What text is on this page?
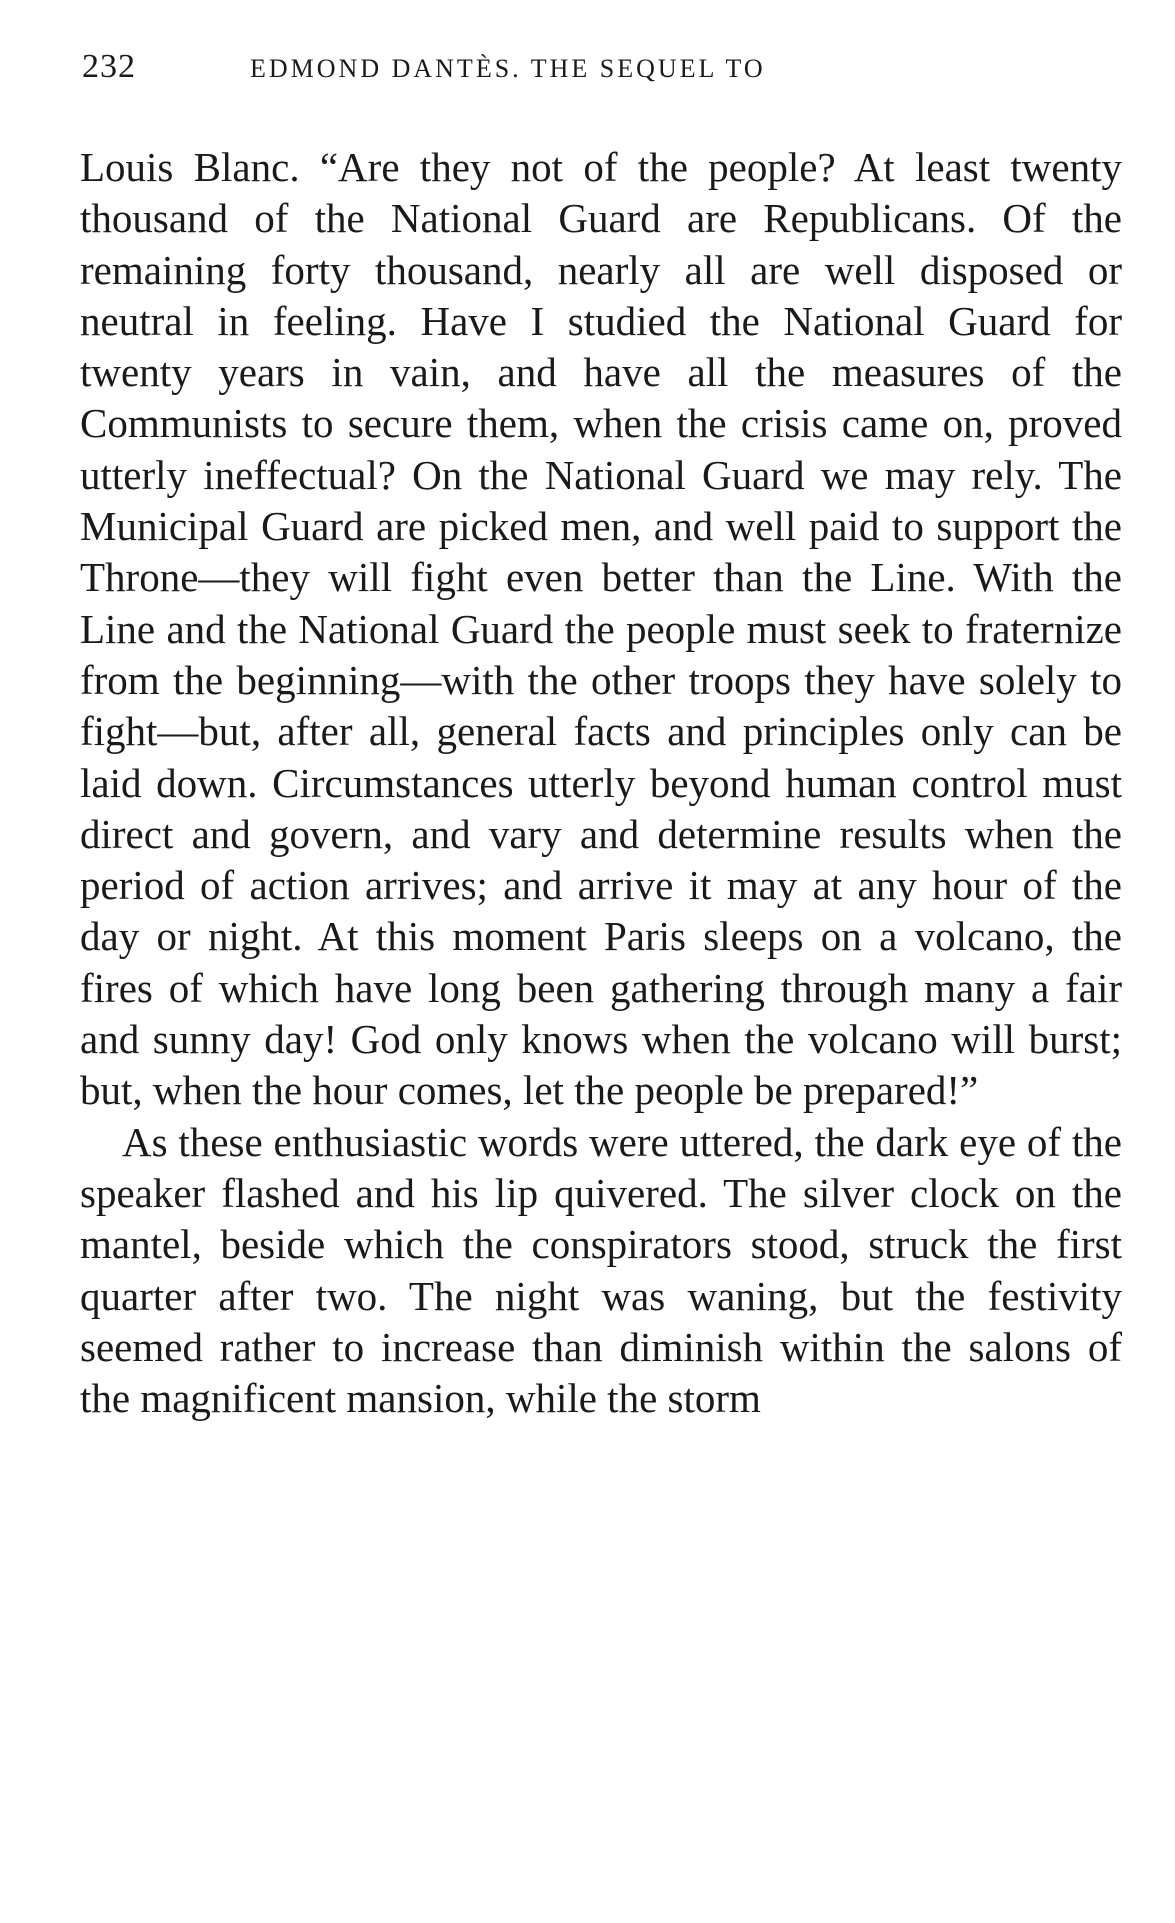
232	EDMOND DANTÈS. THE SEQUEL TO

Louis Blanc. “Are they not of the people? At least twenty thousand of the National Guard are Republicans. Of the remaining forty thousand, nearly all are well disposed or neutral in feeling. Have I studied the National Guard for twenty years in vain, and have all the measures of the Communists to secure them, when the crisis came on, proved utterly ineffectual? On the National Guard we may rely. The Municipal Guard are picked men, and well paid to support the Throne—they will fight even better than the Line. With the Line and the National Guard the people must seek to fraternize from the beginning—with the other troops they have solely to fight—but, after all, general facts and principles only can be laid down. Circumstances utterly beyond human control must direct and govern, and vary and determine results when the period of action arrives; and arrive it may at any hour of the day or night. At this moment Paris sleeps on a volcano, the fires of which have long been gathering through many a fair and sunny day! God only knows when the volcano will burst; but, when the hour comes, let the people be prepared!”

As these enthusiastic words were uttered, the dark eye of the speaker flashed and his lip quivered. The silver clock on the mantel, beside which the conspirators stood, struck the first quarter after two. The night was waning, but the festivity seemed rather to increase than diminish within the salons of the magnificent mansion, while the storm
